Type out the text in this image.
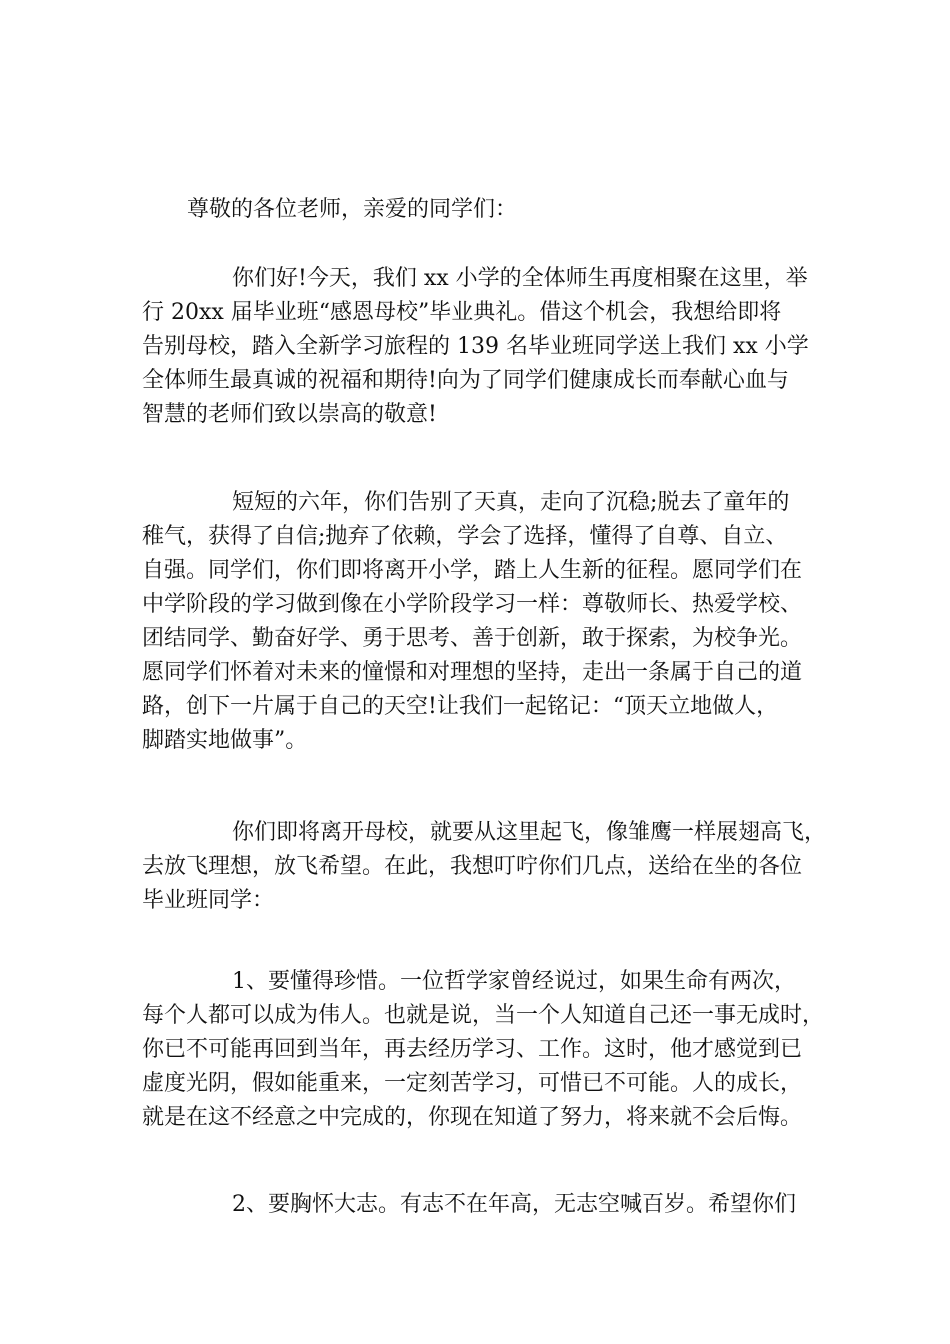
尊敬的各位老师，亲爱的同学们：
你们好!今天，我们 xx 小学的全体师生再度相聚在这里，举
行 20xx 届毕业班“感恩母校”毕业典礼。借这个机会，我想给即将
告别母校，踏入全新学习旅程的 139 名毕业班同学送上我们 xx 小学
全体师生最真诚的祝福和期待!向为了同学们健康成长而奉献心血与
智慧的老师们致以崇高的敬意!
短短的六年，你们告别了天真，走向了沉稳;脱去了童年的
稚气，获得了自信;抛弃了依赖，学会了选择，懂得了自尊、自立、
自强。同学们，你们即将离开小学，踏上人生新的征程。愿同学们在
中学阶段的学习做到像在小学阶段学习一样：尊敬师长、热爱学校、
团结同学、勤奋好学、勇于思考、善于创新，敢于探索，为校争光。
愿同学们怀着对未来的憧憬和对理想的坚持，走出一条属于自己的道
路，创下一片属于自己的天空!让我们一起铭记：“顶天立地做人，
脚踏实地做事”。
你们即将离开母校，就要从这里起飞，像雏鹰一样展翅高飞，
去放飞理想，放飞希望。在此，我想叮咛你们几点，送给在坐的各位
毕业班同学：
1、要懂得珍惜。一位哲学家曾经说过，如果生命有两次，
每个人都可以成为伟人。也就是说，当一个人知道自己还一事无成时，
你已不可能再回到当年，再去经历学习、工作。这时，他才感觉到已
虚度光阴，假如能重来，一定刻苦学习，可惜已不可能。人的成长，
就是在这不经意之中完成的，你现在知道了努力，将来就不会后悔。
2、要胸怀大志。有志不在年高，无志空喊百岁。希望你们
